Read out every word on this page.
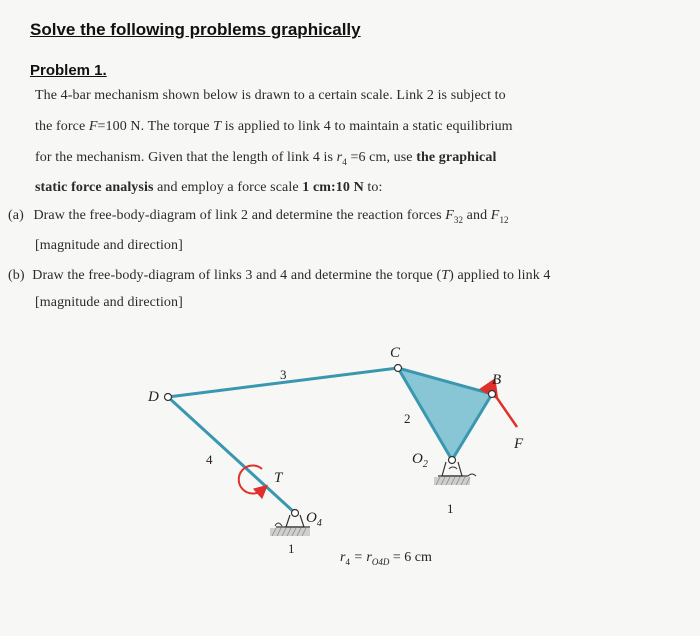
Solve the following problems graphically
Problem 1.
The 4-bar mechanism shown below is drawn to a certain scale. Link 2 is subject to
the force F=100 N. The torque T is applied to link 4 to maintain a static equilibrium
for the mechanism. Given that the length of link 4 is $r_4 =6$ cm, use the graphical
static force analysis and employ a force scale 1 cm:10 N to:
(a) Draw the free-body-diagram of link 2 and determine the reaction forces $F_{32}$ and $F_{12}$
[magnitude and direction]
(b) Draw the free-body-diagram of links 3 and 4 and determine the torque (T) applied to link 4
[magnitude and direction]
C
B
D
3
2
4
1
1
F
T
$O_2$
$O_4$
$r_4 = r_{O4D} = 6$ cm
